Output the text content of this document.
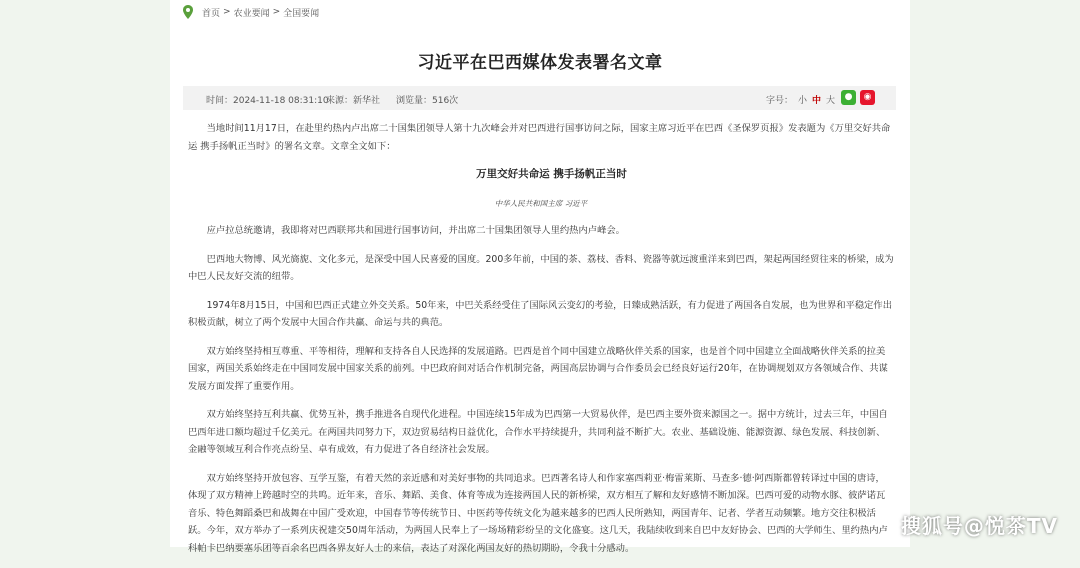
首页 > 农业要闻 > 全国要闻
习近平在巴西媒体发表署名文章
时间：2024-11-18 08:31:10
来源：新华社 浏览量：516次	字号： 小 中 大	●	◉

当地时间11月17日，在赴里约热内卢出席二十国集团领导人第十九次峰会并对巴西进行国事访问之际，国家主席习近平在巴西《圣保罗页报》发表题为《万里交好共命运 携手扬帆正当时》的署名文章。文章全文如下：

万里交好共命运 携手扬帆正当时

中华人民共和国主席 习近平

应卢拉总统邀请，我即将对巴西联邦共和国进行国事访问，并出席二十国集团领导人里约热内卢峰会。

巴西地大物博、风光旖旎、文化多元，是深受中国人民喜爱的国度。200多年前，中国的茶、荔枝、香料、瓷器等就远渡重洋来到巴西，架起两国经贸往来的桥梁，成为中巴人民友好交流的纽带。

1974年8月15日，中国和巴西正式建立外交关系。50年来，中巴关系经受住了国际风云变幻的考验，日臻成熟活跃，有力促进了两国各自发展，也为世界和平稳定作出积极贡献，树立了两个发展中大国合作共赢、命运与共的典范。

双方始终坚持相互尊重、平等相待，理解和支持各自人民选择的发展道路。巴西是首个同中国建立战略伙伴关系的国家，也是首个同中国建立全面战略伙伴关系的拉美国家，两国关系始终走在中国同发展中国家关系的前列。中巴政府间对话合作机制完备，两国高层协调与合作委员会已经良好运行20年，在协调规划双方各领域合作、共谋发展方面发挥了重要作用。

双方始终坚持互利共赢、优势互补，携手推进各自现代化进程。中国连续15年成为巴西第一大贸易伙伴，是巴西主要外资来源国之一。据中方统计，过去三年，中国自巴西年进口额均超过千亿美元。在两国共同努力下，双边贸易结构日益优化，合作水平持续提升，共同利益不断扩大。农业、基础设施、能源资源、绿色发展、科技创新、金融等领域互利合作亮点纷呈、卓有成效，有力促进了各自经济社会发展。

双方始终坚持开放包容、互学互鉴，有着天然的亲近感和对美好事物的共同追求。巴西著名诗人和作家塞西莉亚·梅雷莱斯、马查多·德·阿西斯都曾转译过中国的唐诗，体现了双方精神上跨越时空的共鸣。近年来，音乐、舞蹈、美食、体育等成为连接两国人民的新桥梁，双方相互了解和友好感情不断加深。巴西可爱的动物水豚、彼萨诺瓦音乐、特色舞蹈桑巴和战舞在中国广受欢迎，中国春节等传统节日、中医药等传统文化为越来越多的巴西人民所熟知，两国青年、记者、学者互动频繁。地方交往积极活跃。今年，双方举办了一系列庆祝建交50周年活动，为两国人民奉上了一场场精彩纷呈的文化盛宴。这几天，我陆续收到来自巴中友好协会、巴西的大学师生、里约热内卢科帕卡巴纳要塞乐团等百余名巴西各界友好人士的来信，表达了对深化两国友好的热切期盼，令我十分感动。

搜狐号@悦茶TV
